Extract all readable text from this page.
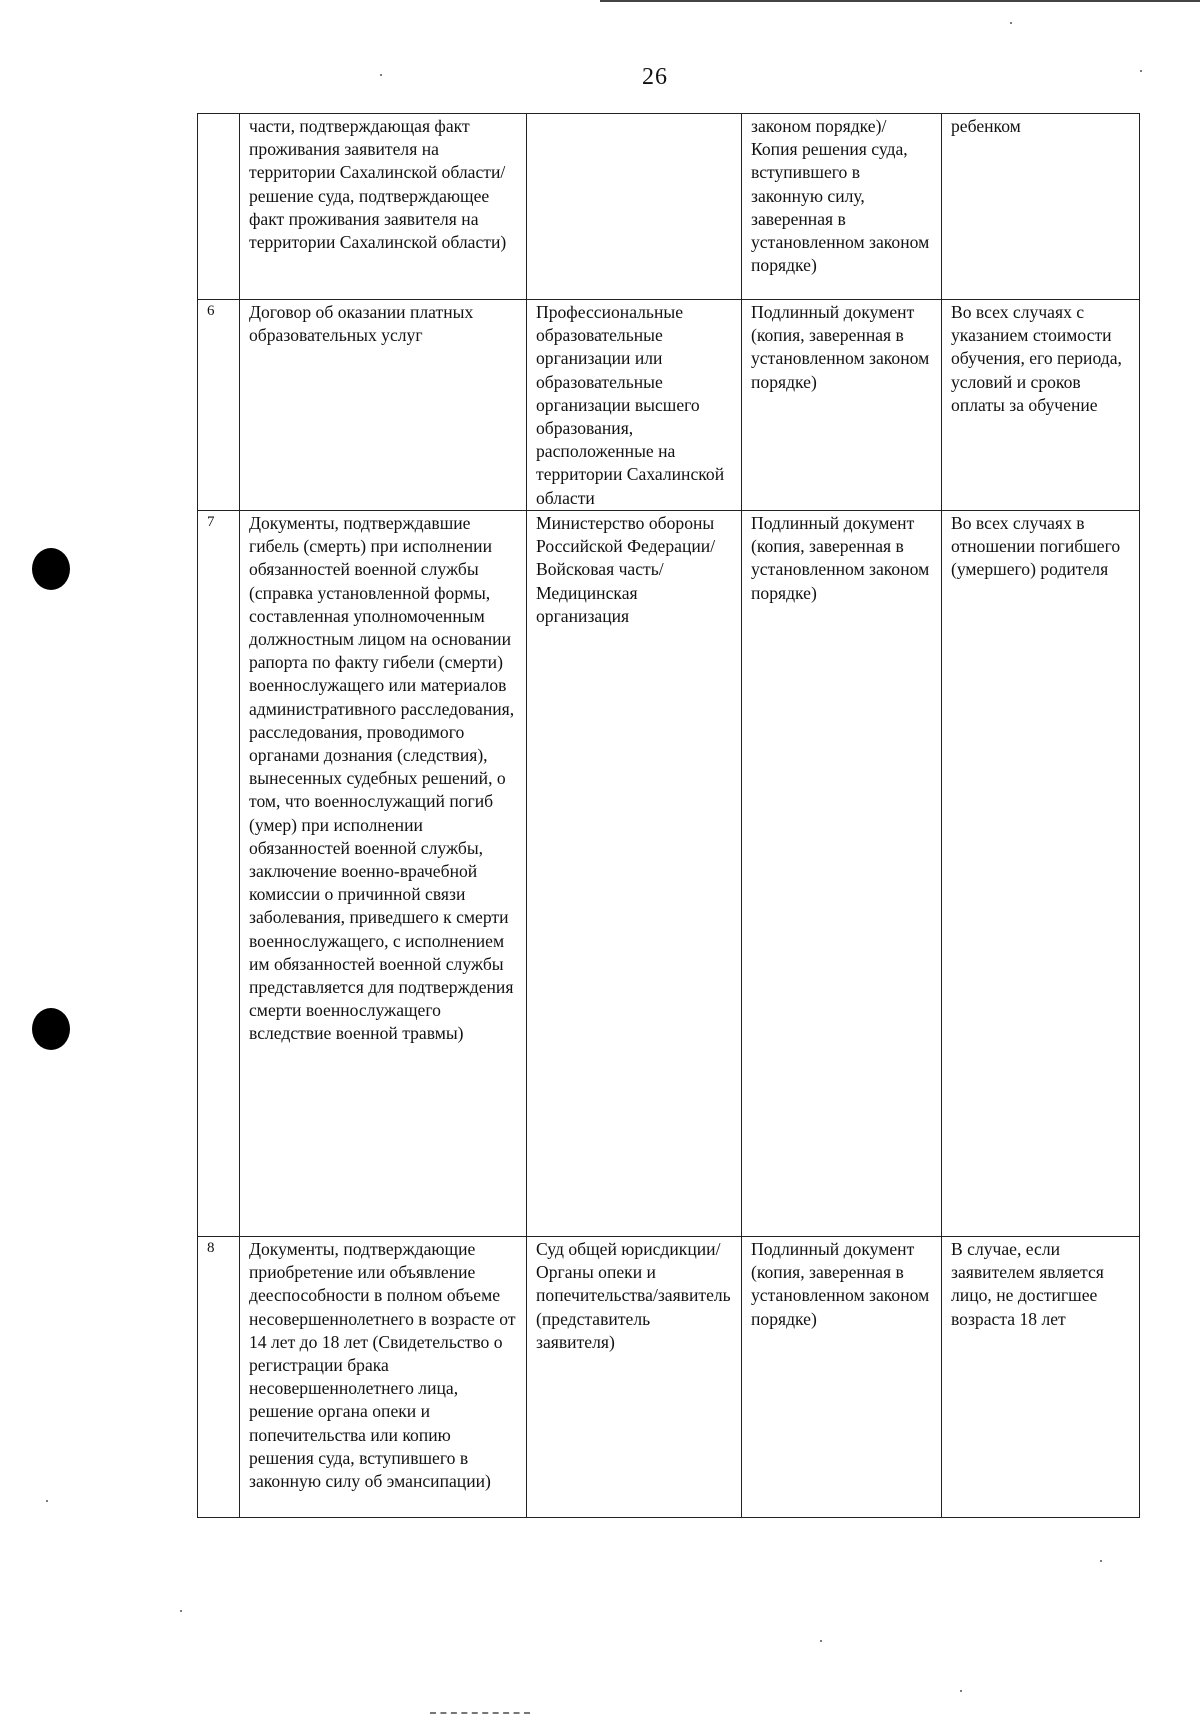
26
	части, подтверждающая факт проживания заявителя на территории Сахалинской области/ решение суда, подтверждающее факт проживания заявителя на территории Сахалинской области)		законом порядке)/ Копия решения суда, вступившего в законную силу, заверенная в установленном законом порядке)	ребенком
6	Договор об оказании платных образовательных услуг	Профессиональные образовательные организации или образовательные организации высшего образования, расположенные на территории Сахалинской области	Подлинный документ (копия, заверенная в установленном законом порядке)	Во всех случаях с указанием стоимости обучения, его периода, условий и сроков оплаты за обучение
7	Документы, подтверждавшие гибель (смерть) при исполнении обязанностей военной службы (справка установленной формы, составленная уполномоченным должностным лицом на основании рапорта по факту гибели (смерти) военнослужащего или материалов административного расследования, расследования, проводимого органами дознания (следствия), вынесенных судебных решений, о том, что военнослужащий погиб (умер) при исполнении обязанностей военной службы, заключение военно-врачебной комиссии о причинной связи заболевания, приведшего к смерти военнослужащего, с исполнением им обязанностей военной службы представляется для подтверждения смерти военнослужащего вследствие военной травмы)	Министерство обороны Российской Федерации/Войсковая часть/Медицинская организация	Подлинный документ (копия, заверенная в установленном законом порядке)	Во всех случаях в отношении погибшего (умершего) родителя
8	Документы, подтверждающие приобретение или объявление дееспособности в полном объеме несовершеннолетнего в возрасте от 14 лет до 18 лет (Свидетельство о регистрации брака несовершеннолетнего лица, решение органа опеки и попечительства или копию решения суда, вступившего в законную силу об эмансипации)	Суд общей юрисдикции/ Органы опеки и попечительства/заявитель (представитель заявителя)	Подлинный документ (копия, заверенная в установленном законом порядке)	В случае, если заявителем является лицо, не достигшее возраста 18 лет
